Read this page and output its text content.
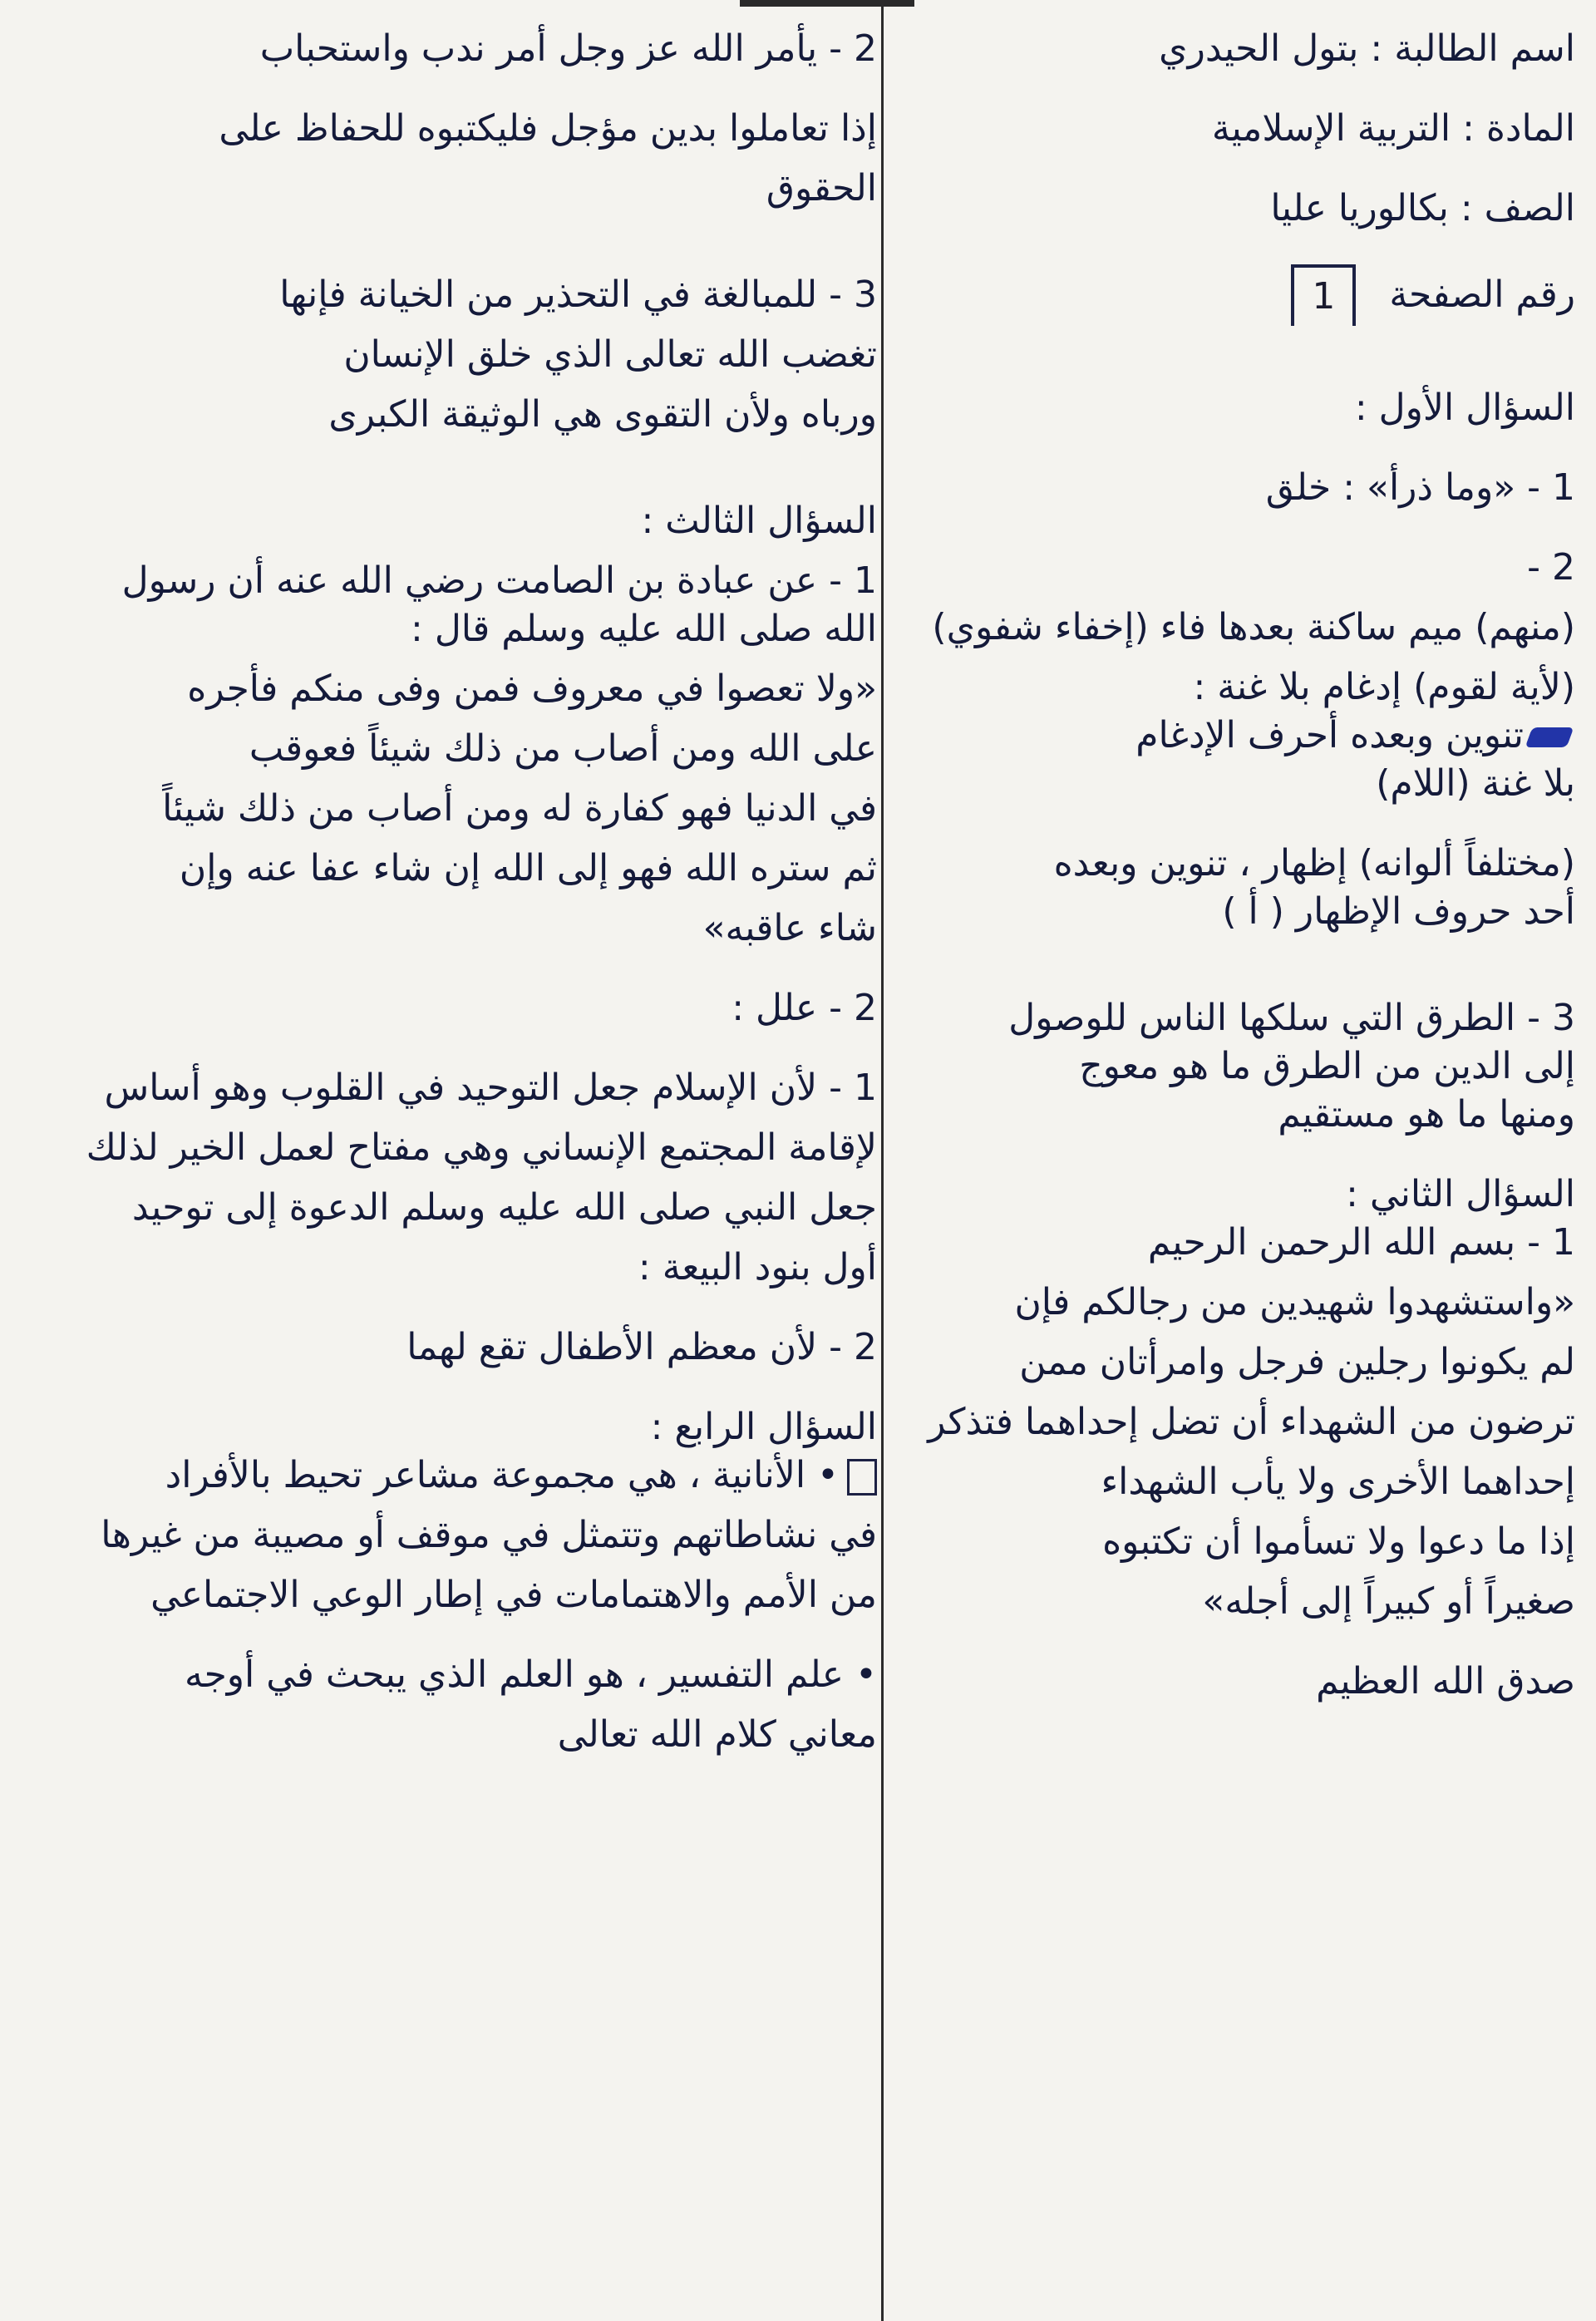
اسم الطالبة : بتول الحيدري

المادة : التربية الإسلامية

الصف : بكالوريا عليا

رقم الصفحة
1

السؤال الأول :

1 - «وما ذرأ» : خلق

2 -

(منهم) ميم ساكنة بعدها فاء (إخفاء شفوي)

(لأية لقوم) إدغام بلا غنة :

تنوين وبعده أحرف الإدغام

بلا غنة (اللام)

(مختلفاً ألوانه) إظهار ، تنوين وبعده

أحد حروف الإظهار ( أ )

3 - الطرق التي سلكها الناس للوصول

إلى الدين من الطرق ما هو معوج

ومنها ما هو مستقيم

السؤال الثاني :

1 - بسم الله الرحمن الرحيم

«واستشهدوا شهيدين من رجالكم فإن

لم يكونوا رجلين فرجل وامرأتان ممن

ترضون من الشهداء أن تضل إحداهما فتذكر

إحداهما الأخرى ولا يأب الشهداء

إذا ما دعوا ولا تسأموا أن تكتبوه

صغيراً أو كبيراً إلى أجله»

صدق الله العظيم

2 - يأمر الله عز وجل أمر ندب واستحباب

إذا تعاملوا بدين مؤجل فليكتبوه للحفاظ على

الحقوق

3 - للمبالغة في التحذير من الخيانة فإنها

تغضب الله تعالى الذي خلق الإنسان

ورباه ولأن التقوى هي الوثيقة الكبرى

السؤال الثالث :

1 - عن عبادة بن الصامت رضي الله عنه أن رسول

الله صلى الله عليه وسلم قال :

«ولا تعصوا في معروف فمن وفى منكم فأجره

على الله ومن أصاب من ذلك شيئاً فعوقب

في الدنيا فهو كفارة له ومن أصاب من ذلك شيئاً

ثم ستره الله فهو إلى الله إن شاء عفا عنه وإن

شاء عاقبه»

2 - علل :

1 - لأن الإسلام جعل التوحيد في القلوب وهو أساس

لإقامة المجتمع الإنساني وهي مفتاح لعمل الخير لذلك

جعل النبي صلى الله عليه وسلم الدعوة إلى توحيد

أول بنود البيعة :

2 - لأن معظم الأطفال تقع لهما

السؤال الرابع :

• الأنانية ، هي مجموعة مشاعر تحيط بالأفراد

في نشاطاتهم وتتمثل في موقف أو مصيبة من غيرها

من الأمم والاهتمامات في إطار الوعي الاجتماعي

• علم التفسير ، هو العلم الذي يبحث في أوجه

معاني كلام الله تعالى
